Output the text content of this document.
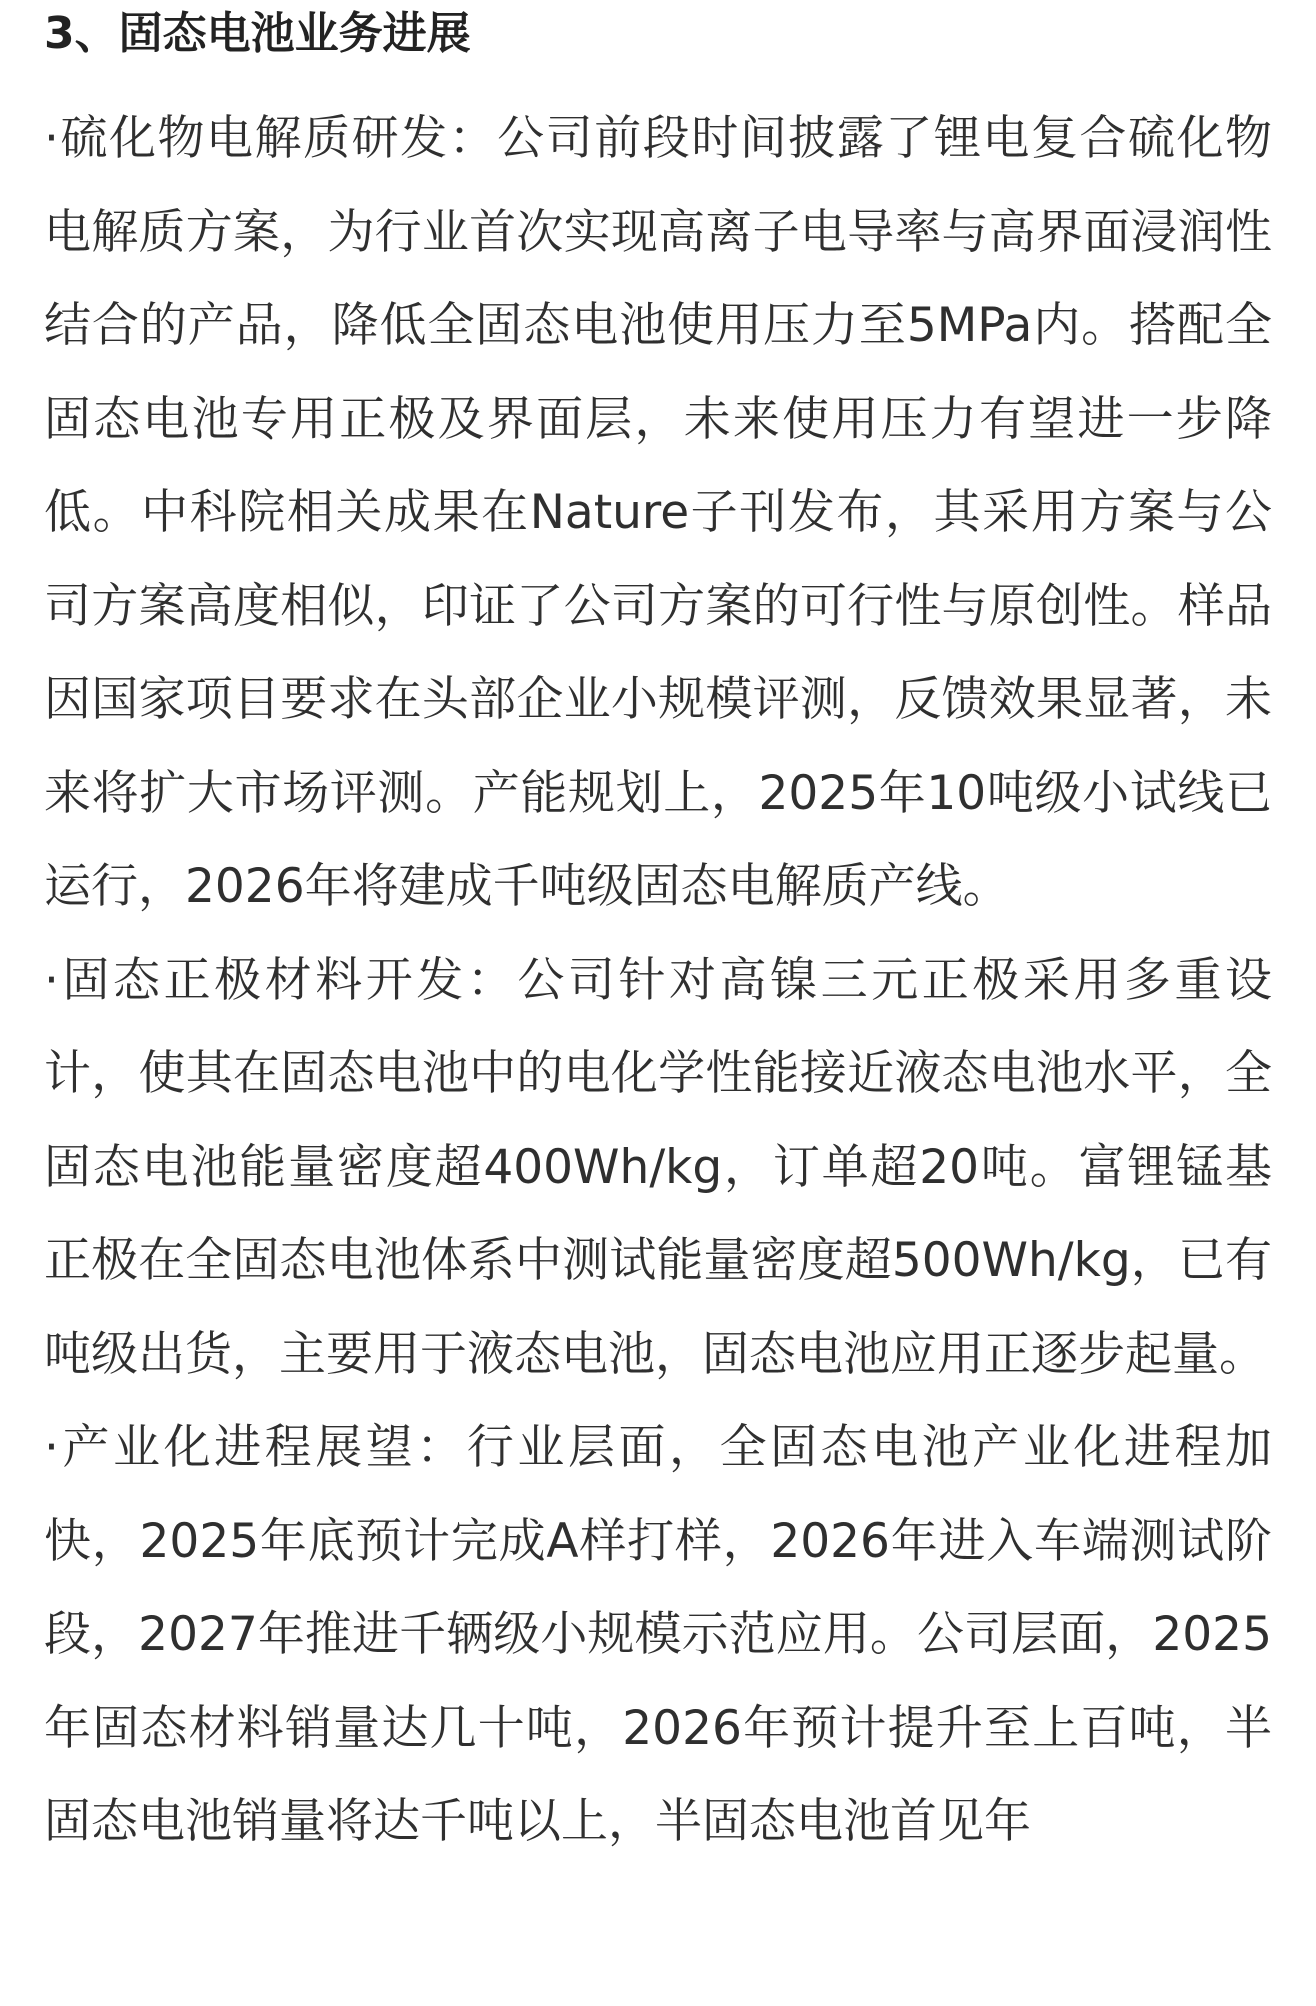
3、固态电池业务进展

·硫化物电解质研发：公司前段时间披露了锂电复合硫化物电解质方案，为行业首次实现高离子电导率与高界面浸润性结合的产品，降低全固态电池使用压力至5MPa内。搭配全固态电池专用正极及界面层，未来使用压力有望进一步降低。中科院相关成果在Nature子刊发布，其采用方案与公司方案高度相似，印证了公司方案的可行性与原创性。样品因国家项目要求在头部企业小规模评测，反馈效果显著，未来将扩大市场评测。产能规划上，2025年10吨级小试线已运行，2026年将建成千吨级固态电解质产线。

·固态正极材料开发：公司针对高镍三元正极采用多重设计，使其在固态电池中的电化学性能接近液态电池水平，全固态电池能量密度超400Wh/kg，订单超20吨。富锂锰基正极在全固态电池体系中测试能量密度超500Wh/kg，已有吨级出货，主要用于液态电池，固态电池应用正逐步起量。

·产业化进程展望：行业层面，全固态电池产业化进程加快，2025年底预计完成A样打样，2026年进入车端测试阶段，2027年推进千辆级小规模示范应用。公司层面，2025年固态材料销量达几十吨，2026年预计提升至上百吨，半固态电池销量将达千吨以上，半固态电池首见年
